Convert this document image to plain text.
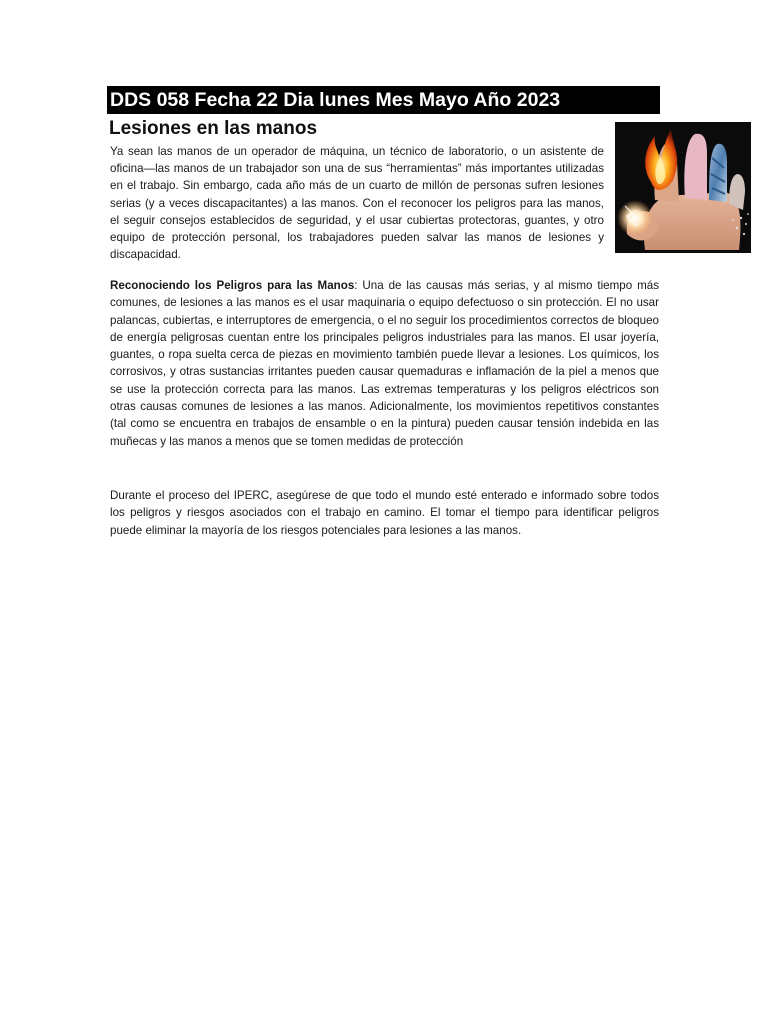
DDS 058 Fecha 22 Dia lunes Mes Mayo Año 2023
Lesiones en las manos

Ya sean las manos de un operador de máquina, un técnico de laboratorio, o un asistente de oficina—las manos de un trabajador son una de sus “herramientas” más importantes utilizadas en el trabajo. Sin embargo, cada año más de un cuarto de millón de personas sufren lesiones serias (y a veces discapacitantes) a las manos. Con el reconocer los peligros para las manos, el seguir consejos establecidos de seguridad, y el usar cubiertas protectoras, guantes, y otro equipo de protección personal, los trabajadores pueden salvar las manos de lesiones y discapacidad.

Reconociendo los Peligros para las Manos: Una de las causas más serias, y al mismo tiempo más comunes, de lesiones a las manos es el usar maquinaria o equipo defectuoso o sin protección. El no usar palancas, cubiertas, e interruptores de emergencia, o el no seguir los procedimientos correctos de bloqueo de energía peligrosas cuentan entre los principales peligros industriales para las manos. El usar joyería, guantes, o ropa suelta cerca de piezas en movimiento también puede llevar a lesiones. Los químicos, los corrosivos, y otras sustancias irritantes pueden causar quemaduras e inflamación de la piel a menos que se use la protección correcta para las manos. Las extremas temperaturas y los peligros eléctricos son otras causas comunes de lesiones a las manos. Adicionalmente, los movimientos repetitivos constantes (tal como se encuentra en trabajos de ensamble o en la pintura) pueden causar tensión indebida en las muñecas y las manos a menos que se tomen medidas de protección

Durante el proceso del IPERC, asegúrese de que todo el mundo esté enterado e informado sobre todos los peligros y riesgos asociados con el trabajo en camino. El tomar el tiempo para identificar peligros puede eliminar la mayoría de los riesgos potenciales para lesiones a las manos.
